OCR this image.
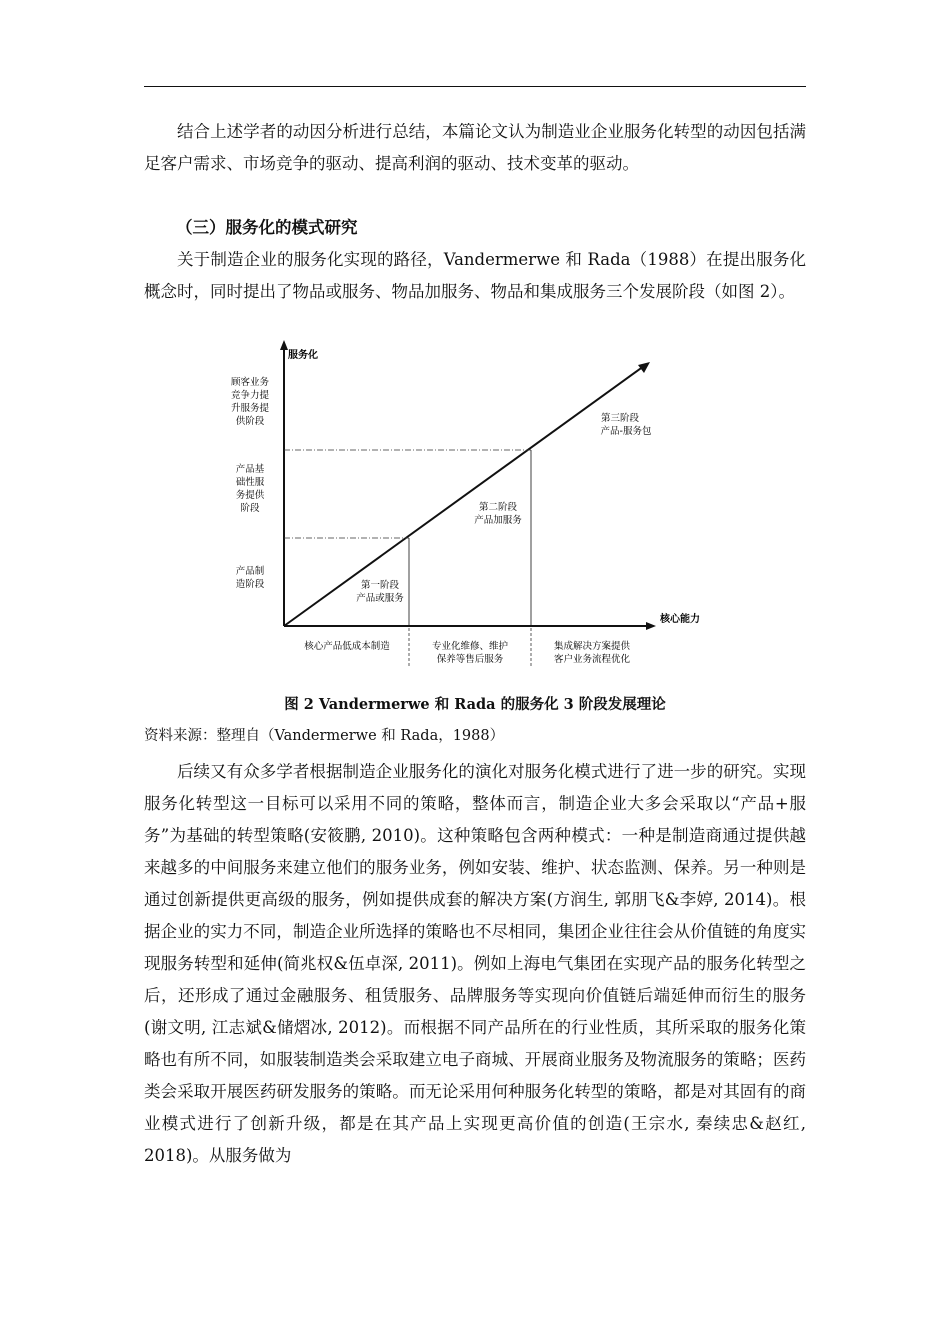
结合上述学者的动因分析进行总结，本篇论文认为制造业企业服务化转型的动因包括满足客户需求、市场竞争的驱动、提高利润的驱动、技术变革的驱动。

（三）服务化的模式研究

关于制造企业的服务化实现的路径，Vandermerwe 和 Rada（1988）在提出服务化概念时，同时提出了物品或服务、物品加服务、物品和集成服务三个发展阶段（如图 2）。

服务化
核心能力
产品制
造阶段
产品基
础性服
务提供
阶段
顾客业务
竞争力提
升服务提
供阶段
第一阶段
产品或服务
第二阶段
产品加服务
第三阶段
产品-服务包
核心产品低成本制造	专业化维修、维护
保养等售后服务
集成解决方案提供
客户业务流程优化
图 2 Vandermerwe 和 Rada 的服务化 3 阶段发展理论
资料来源：整理自（Vandermerwe 和 Rada，1988）

后续又有众多学者根据制造企业服务化的演化对服务化模式进行了进一步的研究。实现服务化转型这一目标可以采用不同的策略，整体而言，制造企业大多会采取以“产品+服务”为基础的转型策略(安筱鹏, 2010)。这种策略包含两种模式：一种是制造商通过提供越来越多的中间服务来建立他们的服务业务，例如安装、维护、状态监测、保养。另一种则是通过创新提供更高级的服务，例如提供成套的解决方案(方润生, 郭朋飞&李婷, 2014)。根据企业的实力不同，制造企业所选择的策略也不尽相同，集团企业往往会从价值链的角度实现服务转型和延伸(简兆权&伍卓深, 2011)。例如上海电气集团在实现产品的服务化转型之后，还形成了通过金融服务、租赁服务、品牌服务等实现向价值链后端延伸而衍生的服务(谢文明, 江志斌&储熠冰, 2012)。而根据不同产品所在的行业性质，其所采取的服务化策略也有所不同，如服装制造类会采取建立电子商城、开展商业服务及物流服务的策略；医药类会采取开展医药研发服务的策略。而无论采用何种服务化转型的策略，都是对其固有的商业模式进行了创新升级，都是在其产品上实现更高价值的创造(王宗水, 秦续忠&赵红, 2018)。从服务做为
